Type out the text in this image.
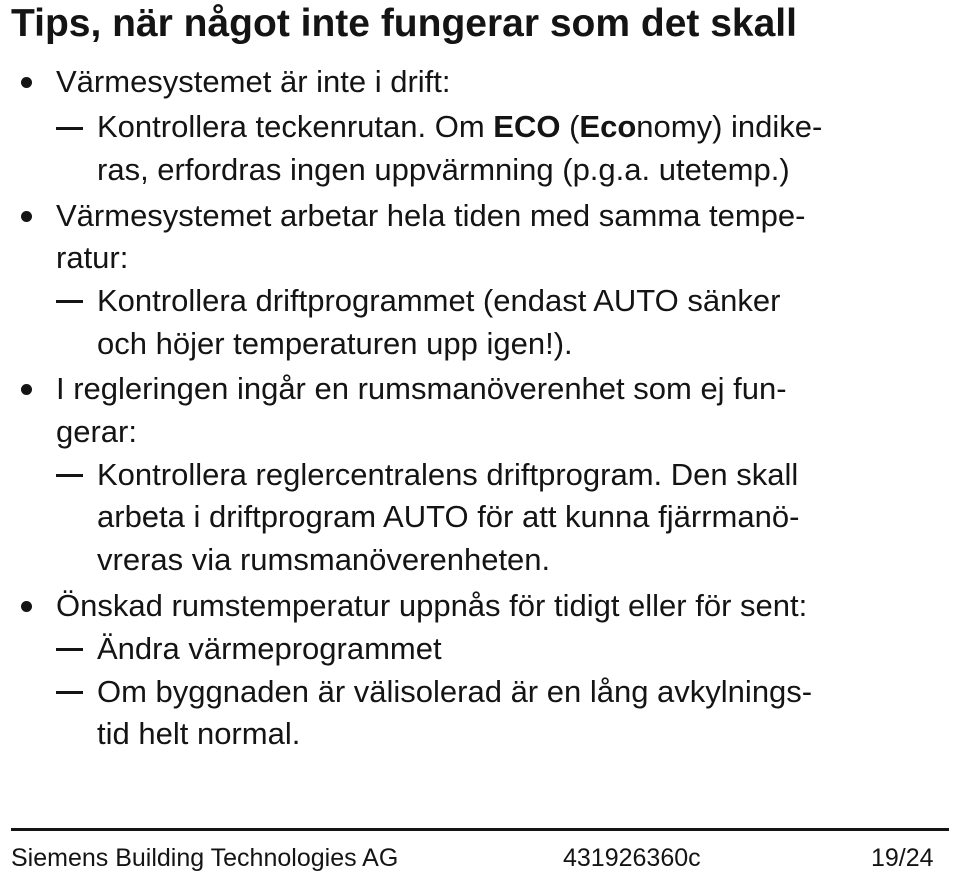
Tips, när något inte fungerar som det skall
Värmesystemet är inte i drift:
Kontrollera teckenrutan. Om ECO (Economy) indike-
ras, erfordras ingen uppvärmning (p.g.a. utetemp.)
Värmesystemet arbetar hela tiden med samma tempe-
ratur:
Kontrollera driftprogrammet (endast AUTO sänker
och höjer temperaturen upp igen!).
I regleringen ingår en rumsmanöverenhet som ej fun-
gerar:
Kontrollera reglercentralens driftprogram. Den skall
arbeta i driftprogram AUTO för att kunna fjärrmanö-
vreras via rumsmanöverenheten.
Önskad rumstemperatur uppnås för tidigt eller för sent:
Ändra värmeprogrammet
Om byggnaden är välisolerad är en lång avkylnings-
tid helt normal.
Siemens Building Technologies AG	431926360c	19/24
